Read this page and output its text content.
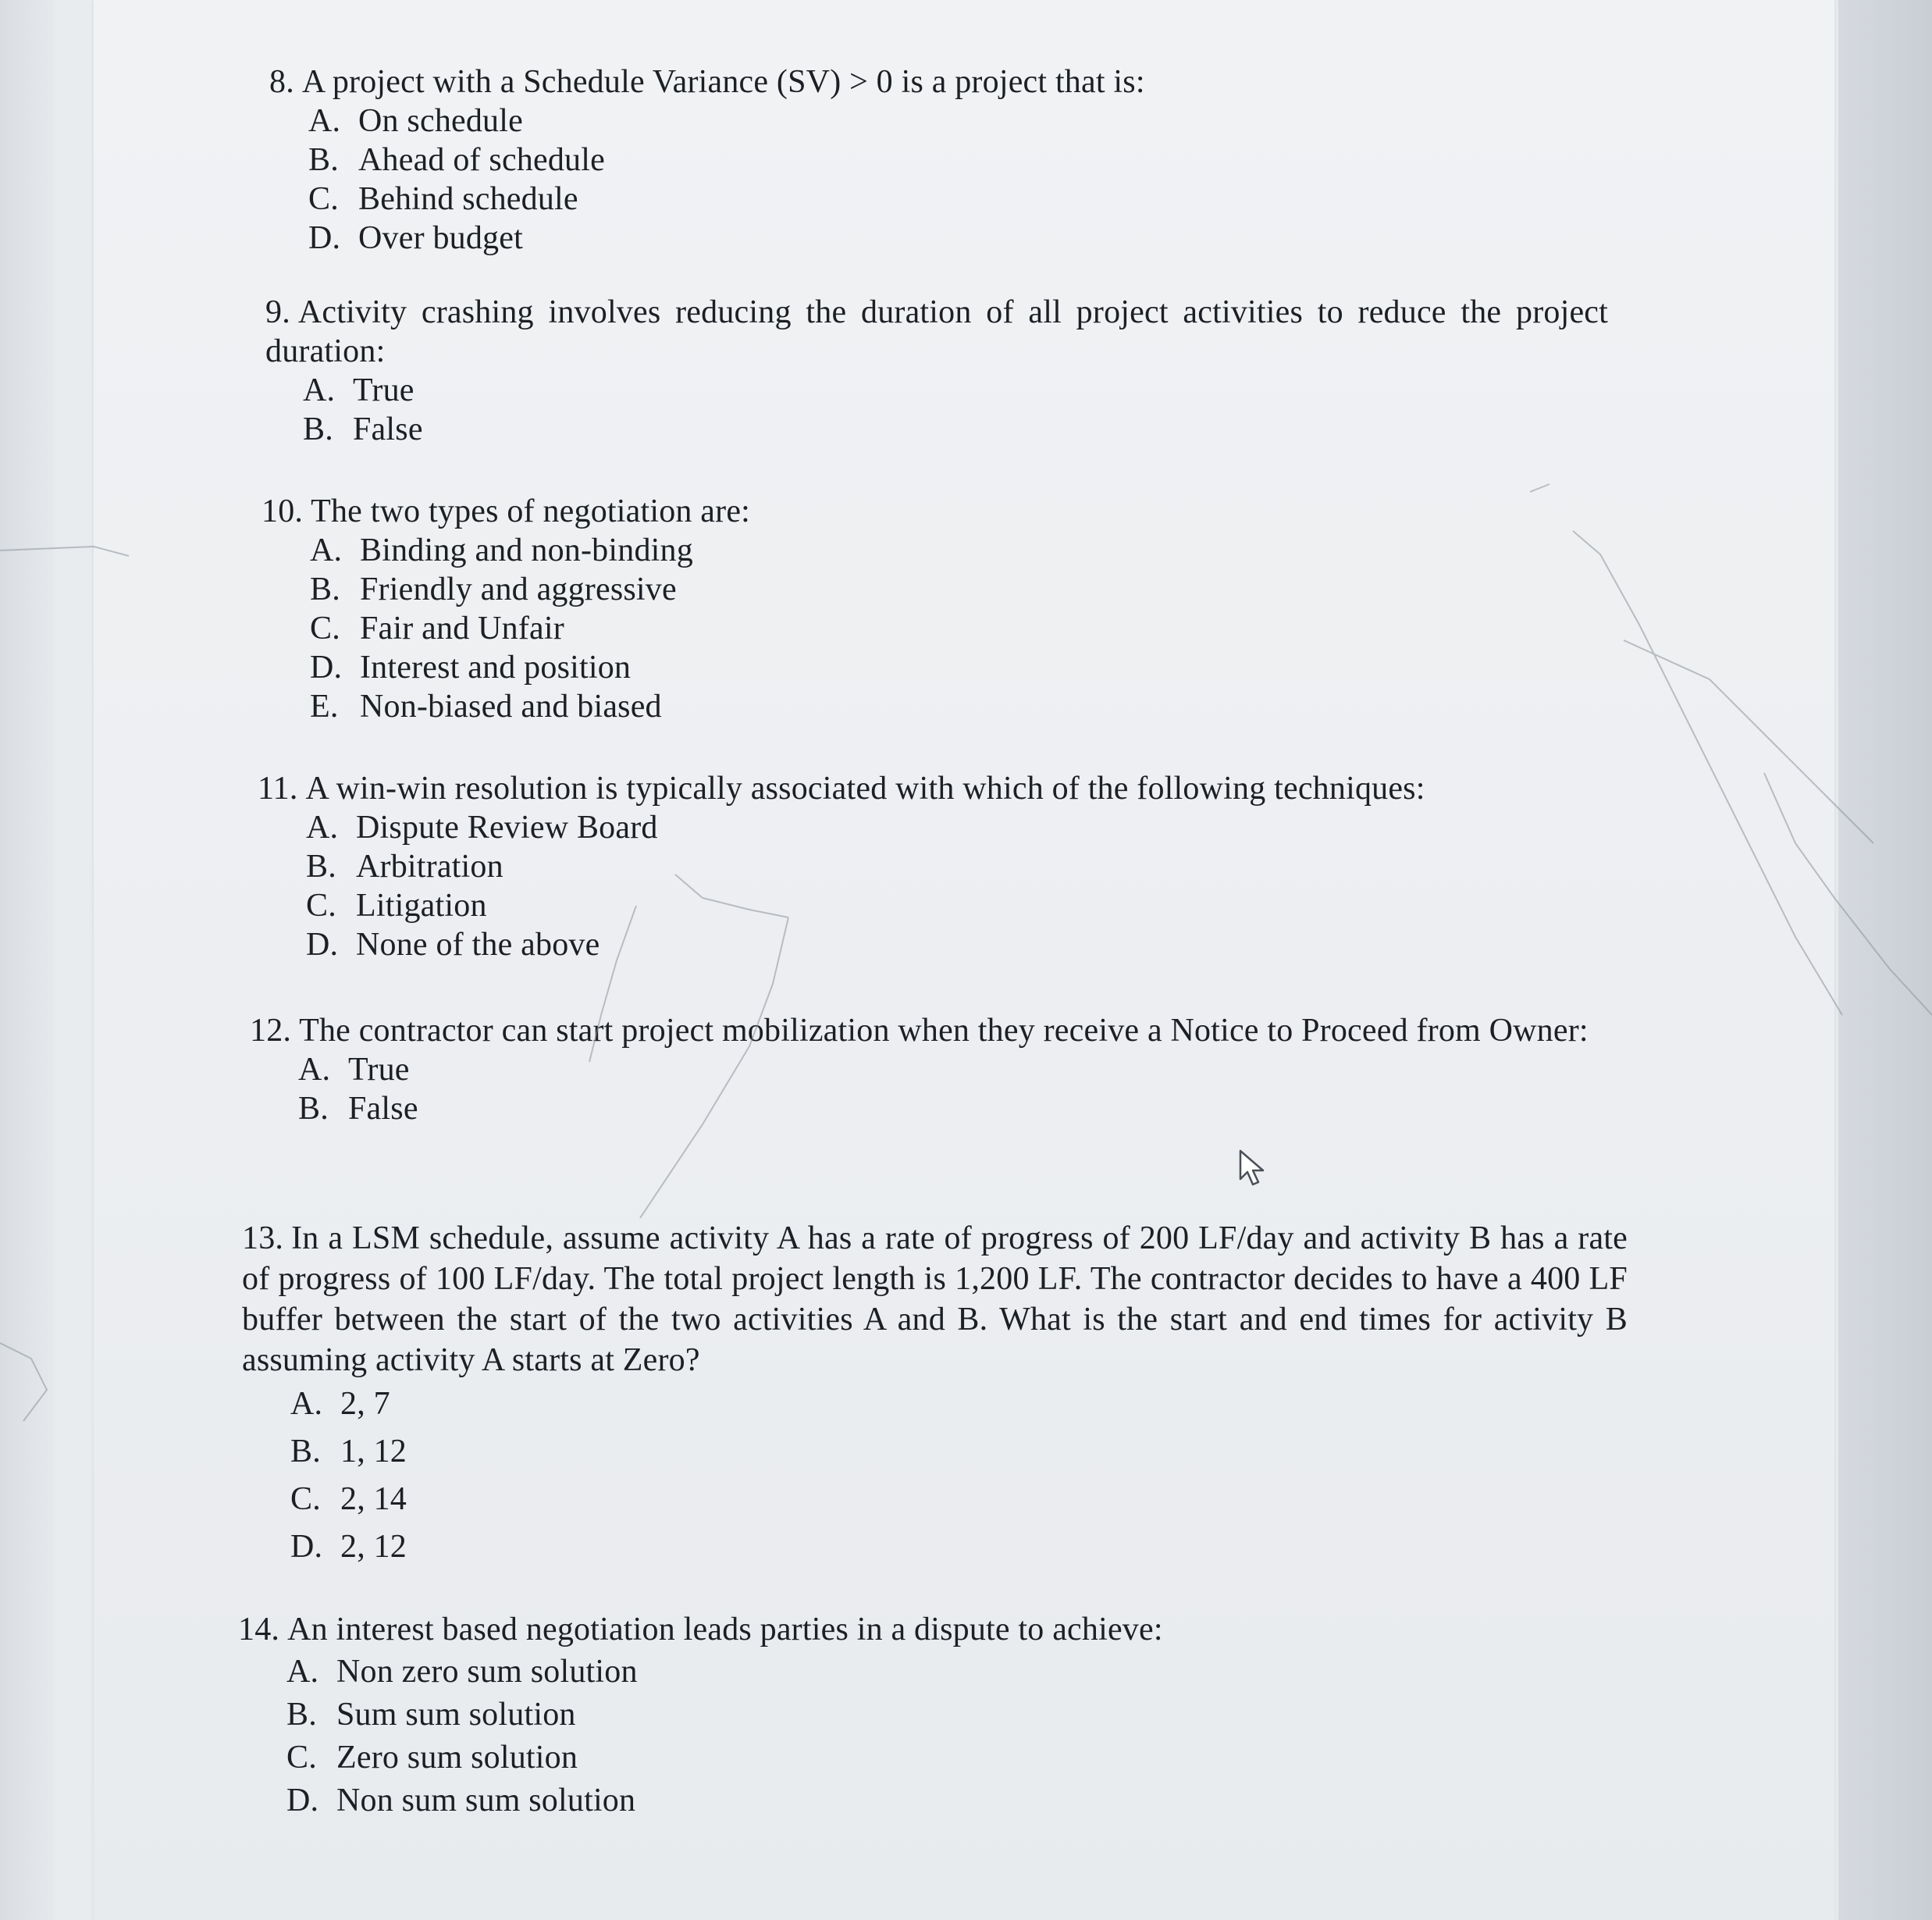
8. A project with a Schedule Variance (SV) > 0 is a project that is:
A. On schedule
B. Ahead of schedule
C. Behind schedule
D. Over budget
9. Activity crashing involves reducing the duration of all project activities to reduce the project duration:
A. True
B. False
10. The two types of negotiation are:
A. Binding and non-binding
B. Friendly and aggressive
C. Fair and Unfair
D. Interest and position
E. Non-biased and biased
11. A win-win resolution is typically associated with which of the following techniques:
A. Dispute Review Board
B. Arbitration
C. Litigation
D. None of the above
12. The contractor can start project mobilization when they receive a Notice to Proceed from Owner:
A. True
B. False
13. In a LSM schedule, assume activity A has a rate of progress of 200 LF/day and activity B has a rate of progress of 100 LF/day. The total project length is 1,200 LF. The contractor decides to have a 400 LF buffer between the start of the two activities A and B. What is the start and end times for activity B assuming activity A starts at Zero?
A. 2, 7
B. 1, 12
C. 2, 14
D. 2, 12
14. An interest based negotiation leads parties in a dispute to achieve:
A. Non zero sum solution
B. Sum sum solution
C. Zero sum solution
D. Non sum sum solution
